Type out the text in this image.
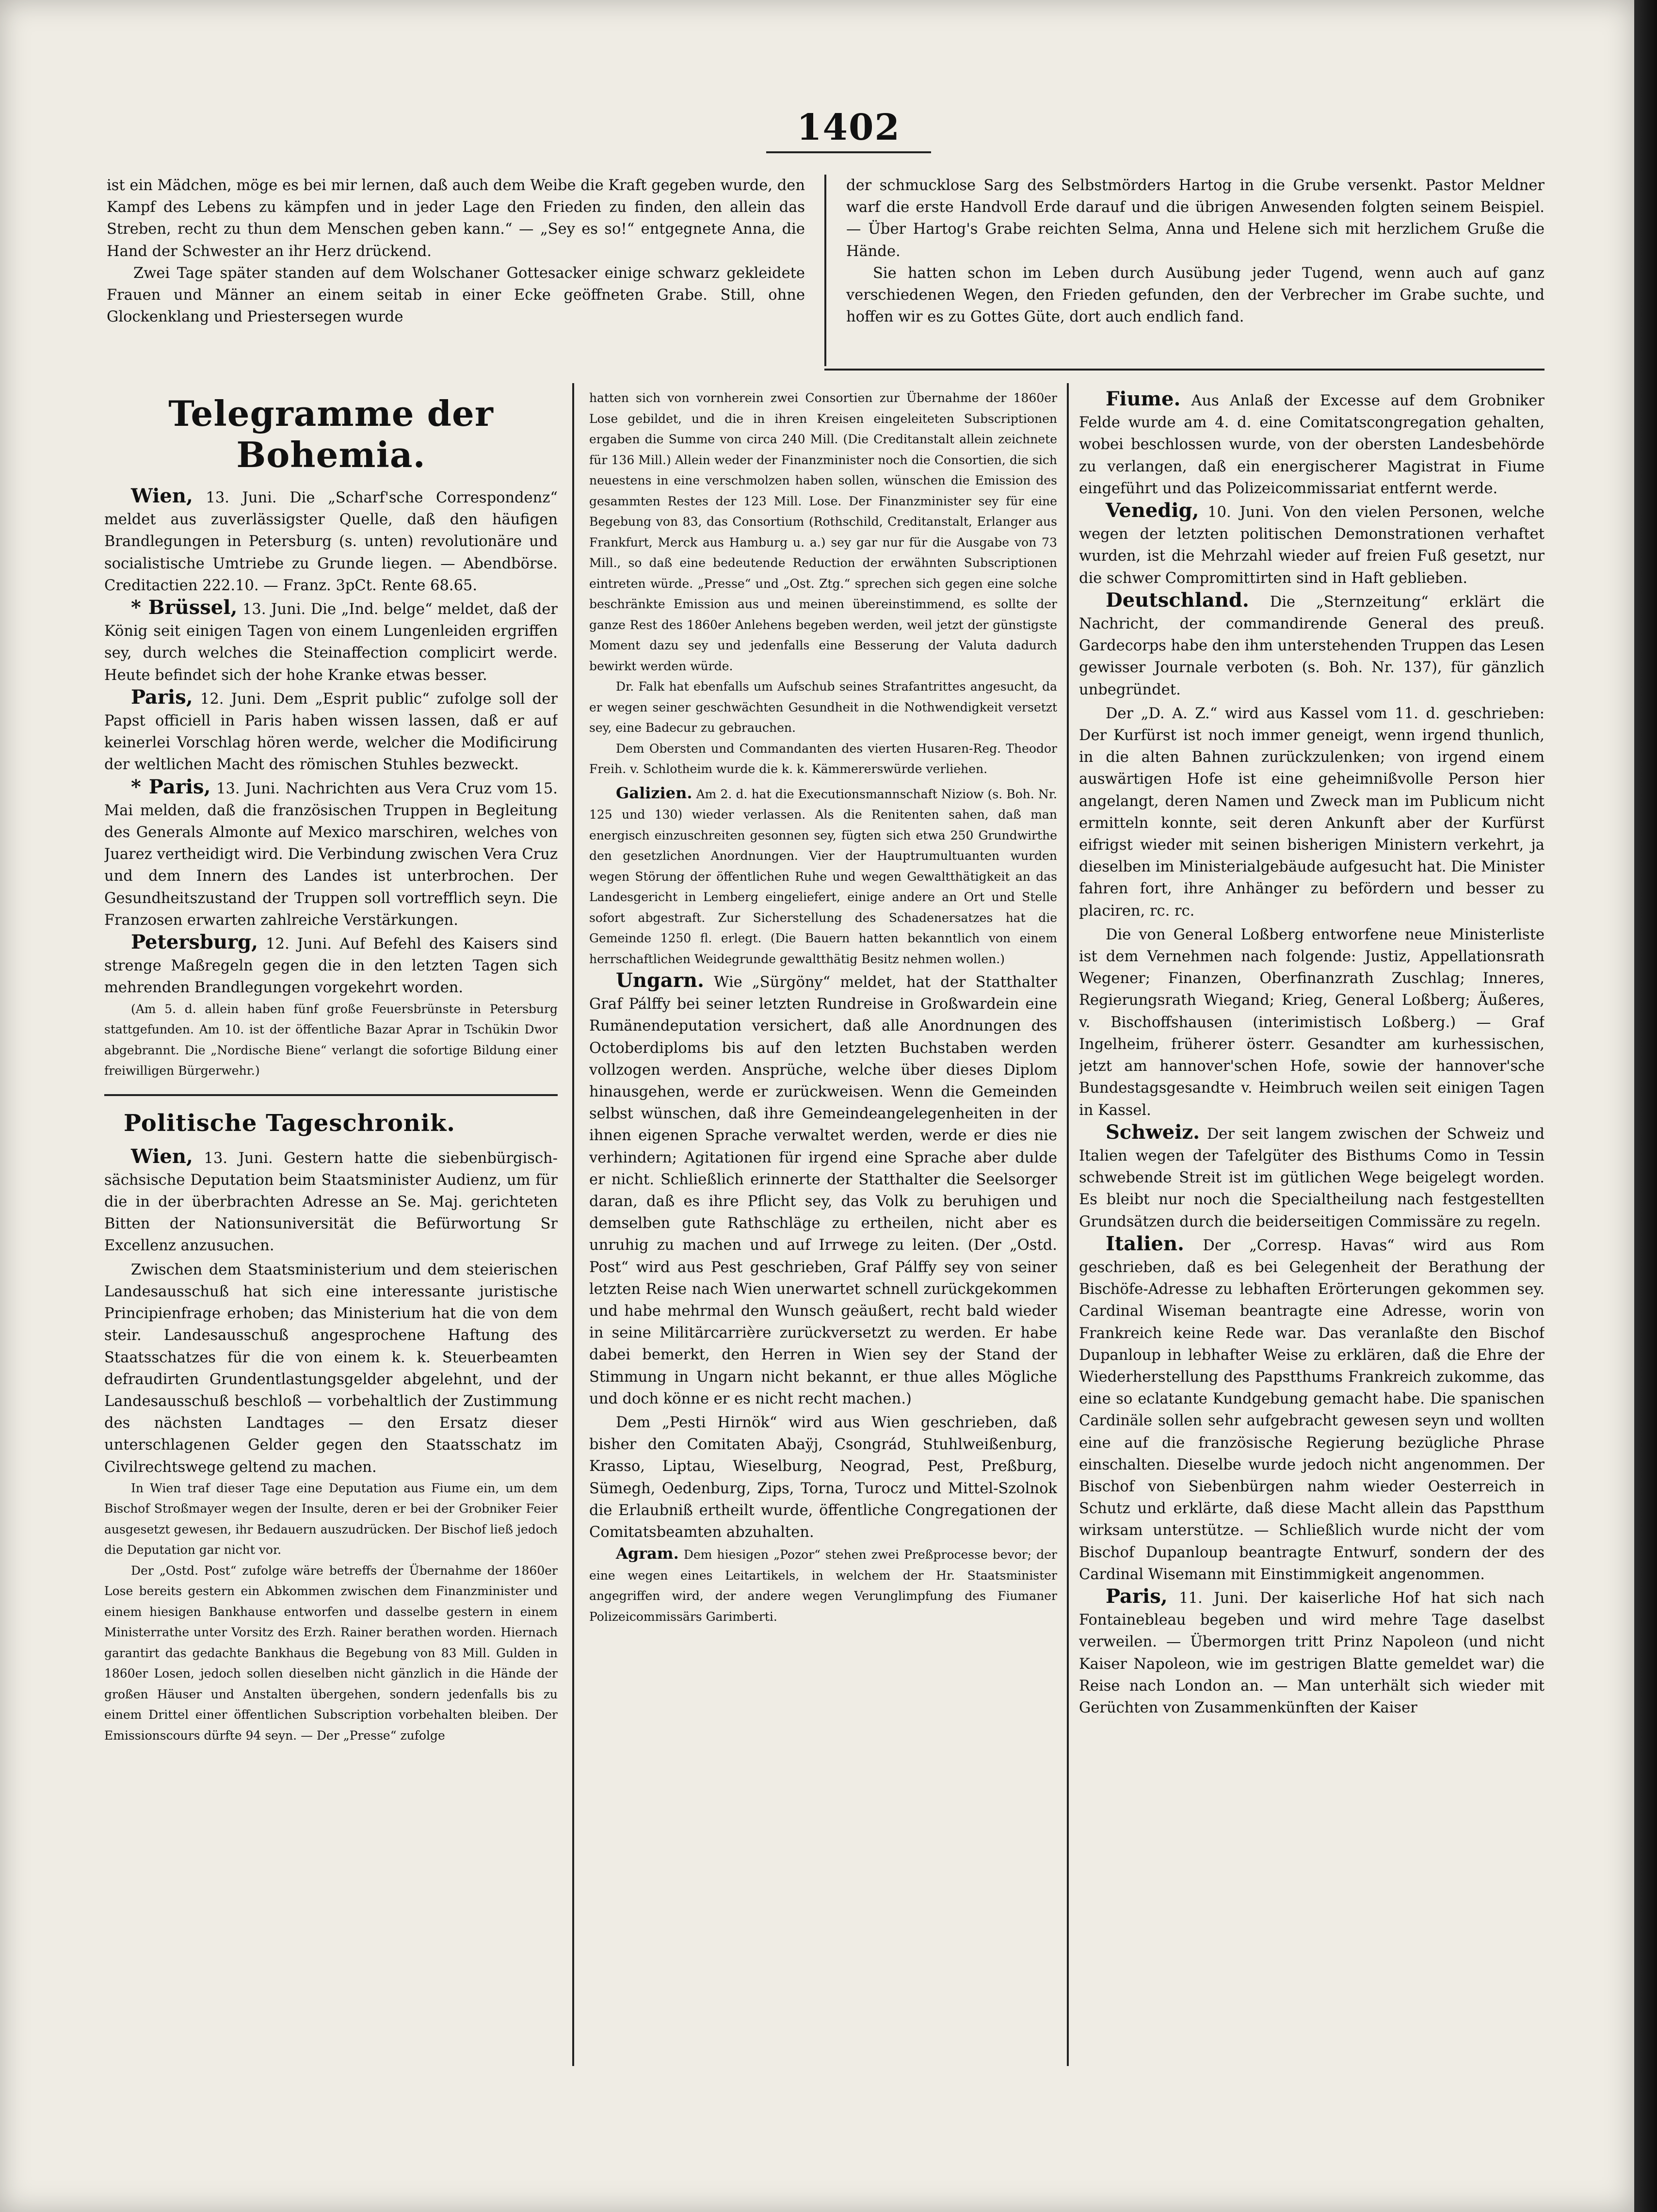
1402

ist ein Mädchen, möge es bei mir lernen, daß auch dem Weibe die Kraft gegeben wurde, den Kampf des Lebens zu kämpfen und in jeder Lage den Frieden zu finden, den allein das Streben, recht zu thun dem Menschen geben kann.“ — „Sey es so!“ entgegnete Anna, die Hand der Schwester an ihr Herz drückend.

Zwei Tage später standen auf dem Wolschaner Gottesacker einige schwarz gekleidete Frauen und Männer an einem seitab in einer Ecke geöffneten Grabe. Still, ohne Glockenklang und Priestersegen wurde

der schmucklose Sarg des Selbstmörders Hartog in die Grube versenkt. Pastor Meldner warf die erste Handvoll Erde darauf und die übrigen Anwesenden folgten seinem Beispiel. — Über Hartog's Grabe reichten Selma, Anna und Helene sich mit herzlichem Gruße die Hände.

Sie hatten schon im Leben durch Ausübung jeder Tugend, wenn auch auf ganz verschiedenen Wegen, den Frieden gefunden, den der Verbrecher im Grabe suchte, und hoffen wir es zu Gottes Güte, dort auch endlich fand.

Telegramme der Bohemia.

Wien, 13. Juni. Die „Scharf'sche Correspondenz“ meldet aus zuverlässigster Quelle, daß den häufigen Brandlegungen in Petersburg (s. unten) revolutionäre und socialistische Umtriebe zu Grunde liegen. — Abendbörse. Creditactien 222.10. — Franz. 3pCt. Rente 68.65.

* Brüssel, 13. Juni. Die „Ind. belge“ meldet, daß der König seit einigen Tagen von einem Lungenleiden ergriffen sey, durch welches die Steinaffection complicirt werde. Heute befindet sich der hohe Kranke etwas besser.

Paris, 12. Juni. Dem „Esprit public“ zufolge soll der Papst officiell in Paris haben wissen lassen, daß er auf keinerlei Vorschlag hören werde, welcher die Modificirung der weltlichen Macht des römischen Stuhles bezweckt.

* Paris, 13. Juni. Nachrichten aus Vera Cruz vom 15. Mai melden, daß die französischen Truppen in Begleitung des Generals Almonte auf Mexico marschiren, welches von Juarez vertheidigt wird. Die Verbindung zwischen Vera Cruz und dem Innern des Landes ist unterbrochen. Der Gesundheitszustand der Truppen soll vortrefflich seyn. Die Franzosen erwarten zahlreiche Verstärkungen.

Petersburg, 12. Juni. Auf Befehl des Kaisers sind strenge Maßregeln gegen die in den letzten Tagen sich mehrenden Brandlegungen vorgekehrt worden.

(Am 5. d. allein haben fünf große Feuersbrünste in Petersburg stattgefunden. Am 10. ist der öffentliche Bazar Aprar in Tschükin Dwor abgebrannt. Die „Nordische Biene“ verlangt die sofortige Bildung einer freiwilligen Bürgerwehr.)

Politische Tageschronik.

Wien, 13. Juni. Gestern hatte die siebenbürgisch-sächsische Deputation beim Staatsminister Audienz, um für die in der überbrachten Adresse an Se. Maj. gerichteten Bitten der Nationsuniversität die Befürwortung Sr Excellenz anzusuchen.

Zwischen dem Staatsministerium und dem steierischen Landesausschuß hat sich eine interessante juristische Principienfrage erhoben; das Ministerium hat die von dem steir. Landesausschuß angesprochene Haftung des Staatsschatzes für die von einem k. k. Steuerbeamten defraudirten Grundentlastungsgelder abgelehnt, und der Landesausschuß beschloß — vorbehaltlich der Zustimmung des nächsten Landtages — den Ersatz dieser unterschlagenen Gelder gegen den Staatsschatz im Civilrechtswege geltend zu machen.

In Wien traf dieser Tage eine Deputation aus Fiume ein, um dem Bischof Stroßmayer wegen der Insulte, deren er bei der Grobniker Feier ausgesetzt gewesen, ihr Bedauern auszudrücken. Der Bischof ließ jedoch die Deputation gar nicht vor.

Der „Ostd. Post“ zufolge wäre betreffs der Übernahme der 1860er Lose bereits gestern ein Abkommen zwischen dem Finanzminister und einem hiesigen Bankhause entworfen und dasselbe gestern in einem Ministerrathe unter Vorsitz des Erzh. Rainer berathen worden. Hiernach garantirt das gedachte Bankhaus die Begebung von 83 Mill. Gulden in 1860er Losen, jedoch sollen dieselben nicht gänzlich in die Hände der großen Häuser und Anstalten übergehen, sondern jedenfalls bis zu einem Drittel einer öffentlichen Subscription vorbehalten bleiben. Der Emissionscours dürfte 94 seyn. — Der „Presse“ zufolge

hatten sich von vornherein zwei Consortien zur Übernahme der 1860er Lose gebildet, und die in ihren Kreisen eingeleiteten Subscriptionen ergaben die Summe von circa 240 Mill. (Die Creditanstalt allein zeichnete für 136 Mill.) Allein weder der Finanzminister noch die Consortien, die sich neuestens in eine verschmolzen haben sollen, wünschen die Emission des gesammten Restes der 123 Mill. Lose. Der Finanzminister sey für eine Begebung von 83, das Consortium (Rothschild, Creditanstalt, Erlanger aus Frankfurt, Merck aus Hamburg u. a.) sey gar nur für die Ausgabe von 73 Mill., so daß eine bedeutende Reduction der erwähnten Subscriptionen eintreten würde. „Presse“ und „Ost. Ztg.“ sprechen sich gegen eine solche beschränkte Emission aus und meinen übereinstimmend, es sollte der ganze Rest des 1860er Anlehens begeben werden, weil jetzt der günstigste Moment dazu sey und jedenfalls eine Besserung der Valuta dadurch bewirkt werden würde.

Dr. Falk hat ebenfalls um Aufschub seines Strafantrittes angesucht, da er wegen seiner geschwächten Gesundheit in die Nothwendigkeit versetzt sey, eine Badecur zu gebrauchen.

Dem Obersten und Commandanten des vierten Husaren-Reg. Theodor Freih. v. Schlotheim wurde die k. k. Kämmererswürde verliehen.

Galizien. Am 2. d. hat die Executionsmannschaft Niziow (s. Boh. Nr. 125 und 130) wieder verlassen. Als die Renitenten sahen, daß man energisch einzuschreiten gesonnen sey, fügten sich etwa 250 Grundwirthe den gesetzlichen Anordnungen. Vier der Hauptrumultuanten wurden wegen Störung der öffentlichen Ruhe und wegen Gewaltthätigkeit an das Landesgericht in Lemberg eingeliefert, einige andere an Ort und Stelle sofort abgestraft. Zur Sicherstellung des Schadenersatzes hat die Gemeinde 1250 fl. erlegt. (Die Bauern hatten bekanntlich von einem herrschaftlichen Weidegrunde gewaltthätig Besitz nehmen wollen.)

Ungarn. Wie „Sürgöny“ meldet, hat der Statthalter Graf Pálffy bei seiner letzten Rundreise in Großwardein eine Rumänendeputation versichert, daß alle Anordnungen des Octoberdiploms bis auf den letzten Buchstaben werden vollzogen werden. Ansprüche, welche über dieses Diplom hinausgehen, werde er zurückweisen. Wenn die Gemeinden selbst wünschen, daß ihre Gemeindeangelegenheiten in der ihnen eigenen Sprache verwaltet werden, werde er dies nie verhindern; Agitationen für irgend eine Sprache aber dulde er nicht. Schließlich erinnerte der Statthalter die Seelsorger daran, daß es ihre Pflicht sey, das Volk zu beruhigen und demselben gute Rathschläge zu ertheilen, nicht aber es unruhig zu machen und auf Irrwege zu leiten. (Der „Ostd. Post“ wird aus Pest geschrieben, Graf Pálffy sey von seiner letzten Reise nach Wien unerwartet schnell zurückgekommen und habe mehrmal den Wunsch geäußert, recht bald wieder in seine Militärcarrière zurückversetzt zu werden. Er habe dabei bemerkt, den Herren in Wien sey der Stand der Stimmung in Ungarn nicht bekannt, er thue alles Mögliche und doch könne er es nicht recht machen.)

Dem „Pesti Hirnök“ wird aus Wien geschrieben, daß bisher den Comitaten Abaÿj, Csongrád, Stuhlweißenburg, Krasso, Liptau, Wieselburg, Neograd, Pest, Preßburg, Sümegh, Oedenburg, Zips, Torna, Turocz und Mittel-Szolnok die Erlaubniß ertheilt wurde, öffentliche Congregationen der Comitatsbeamten abzuhalten.

Agram. Dem hiesigen „Pozor“ stehen zwei Preßprocesse bevor; der eine wegen eines Leitartikels, in welchem der Hr. Staatsminister angegriffen wird, der andere wegen Verunglimpfung des Fiumaner Polizeicommissärs Garimberti.

Fiume. Aus Anlaß der Excesse auf dem Grobniker Felde wurde am 4. d. eine Comitatscongregation gehalten, wobei beschlossen wurde, von der obersten Landesbehörde zu verlangen, daß ein energischerer Magistrat in Fiume eingeführt und das Polizeicommissariat entfernt werde.

Venedig, 10. Juni. Von den vielen Personen, welche wegen der letzten politischen Demonstrationen verhaftet wurden, ist die Mehrzahl wieder auf freien Fuß gesetzt, nur die schwer Compromittirten sind in Haft geblieben.

Deutschland. Die „Sternzeitung“ erklärt die Nachricht, der commandirende General des preuß. Gardecorps habe den ihm unterstehenden Truppen das Lesen gewisser Journale verboten (s. Boh. Nr. 137), für gänzlich unbegründet.

Der „D. A. Z.“ wird aus Kassel vom 11. d. geschrieben: Der Kurfürst ist noch immer geneigt, wenn irgend thunlich, in die alten Bahnen zurückzulenken; von irgend einem auswärtigen Hofe ist eine geheimnißvolle Person hier angelangt, deren Namen und Zweck man im Publicum nicht ermitteln konnte, seit deren Ankunft aber der Kurfürst eifrigst wieder mit seinen bisherigen Ministern verkehrt, ja dieselben im Ministerialgebäude aufgesucht hat. Die Minister fahren fort, ihre Anhänger zu befördern und besser zu placiren, rc. rc.

Die von General Loßberg entworfene neue Ministerliste ist dem Vernehmen nach folgende: Justiz, Appellationsrath Wegener; Finanzen, Oberfinanzrath Zuschlag; Inneres, Regierungsrath Wiegand; Krieg, General Loßberg; Äußeres, v. Bischoffshausen (interimistisch Loßberg.) — Graf Ingelheim, früherer österr. Gesandter am kurhessischen, jetzt am hannover'schen Hofe, sowie der hannover'sche Bundestagsgesandte v. Heimbruch weilen seit einigen Tagen in Kassel.

Schweiz. Der seit langem zwischen der Schweiz und Italien wegen der Tafelgüter des Bisthums Como in Tessin schwebende Streit ist im gütlichen Wege beigelegt worden. Es bleibt nur noch die Specialtheilung nach festgestellten Grundsätzen durch die beiderseitigen Commissäre zu regeln.

Italien. Der „Corresp. Havas“ wird aus Rom geschrieben, daß es bei Gelegenheit der Berathung der Bischöfe-Adresse zu lebhaften Erörterungen gekommen sey. Cardinal Wiseman beantragte eine Adresse, worin von Frankreich keine Rede war. Das veranlaßte den Bischof Dupanloup in lebhafter Weise zu erklären, daß die Ehre der Wiederherstellung des Papstthums Frankreich zukomme, das eine so eclatante Kundgebung gemacht habe. Die spanischen Cardinäle sollen sehr aufgebracht gewesen seyn und wollten eine auf die französische Regierung bezügliche Phrase einschalten. Dieselbe wurde jedoch nicht angenommen. Der Bischof von Siebenbürgen nahm wieder Oesterreich in Schutz und erklärte, daß diese Macht allein das Papstthum wirksam unterstütze. — Schließlich wurde nicht der vom Bischof Dupanloup beantragte Entwurf, sondern der des Cardinal Wisemann mit Einstimmigkeit angenommen.

Paris, 11. Juni. Der kaiserliche Hof hat sich nach Fontainebleau begeben und wird mehre Tage daselbst verweilen. — Übermorgen tritt Prinz Napoleon (und nicht Kaiser Napoleon, wie im gestrigen Blatte gemeldet war) die Reise nach London an. — Man unterhält sich wieder mit Gerüchten von Zusammenkünften der Kaiser
